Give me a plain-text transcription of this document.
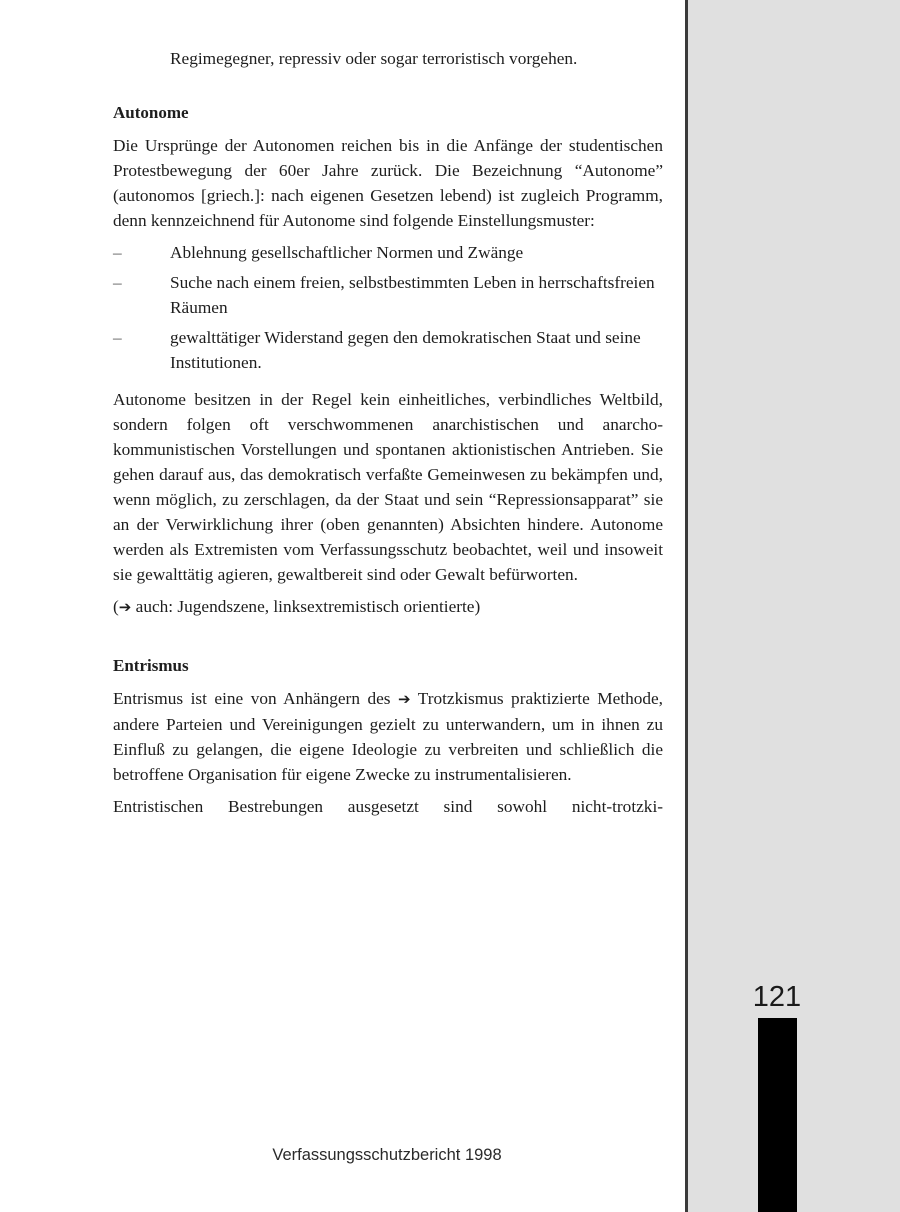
Regimegegner, repressiv oder sogar terroristisch vorgehen.

Autonome

Die Ursprünge der Autonomen reichen bis in die Anfänge der studentischen Protestbewegung der 60er Jahre zurück. Die Bezeichnung “Autonome” (autonomos [griech.]: nach eigenen Gesetzen lebend) ist zugleich Programm, denn kennzeichnend für Autonome sind folgende Einstellungsmuster:

–	Ablehnung gesellschaftlicher Normen und Zwänge
–	Suche nach einem freien, selbstbestimmten Leben in herrschaftsfreien Räumen
–	gewalttätiger Widerstand gegen den demokratischen Staat und seine Institutionen.

Autonome besitzen in der Regel kein einheitliches, verbindliches Weltbild, sondern folgen oft verschwommenen anarchistischen und anarcho-kommunistischen Vorstellungen und spontanen aktionistischen Antrieben. Sie gehen darauf aus, das demokratisch verfaßte Gemeinwesen zu bekämpfen und, wenn möglich, zu zerschlagen, da der Staat und sein “Repressionsapparat” sie an der Verwirklichung ihrer (oben genannten) Absichten hindere. Autonome werden als Extremisten vom Verfassungsschutz beobachtet, weil und insoweit sie gewalttätig agieren, gewaltbereit sind oder Gewalt befürworten.

(➔ auch: Jugendszene, linksextremistisch orientierte)

Entrismus

Entrismus ist eine von Anhängern des ➔ Trotzkismus praktizierte Methode, andere Parteien und Vereinigungen gezielt zu unterwandern, um in ihnen zu Einfluß zu gelangen, die eigene Ideologie zu verbreiten und schließlich die betroffene Organisation für eigene Zwecke zu instrumentalisieren.

Entristischen Bestrebungen ausgesetzt sind sowohl nicht-trotzki-

Verfassungsschutzbericht 1998
121
